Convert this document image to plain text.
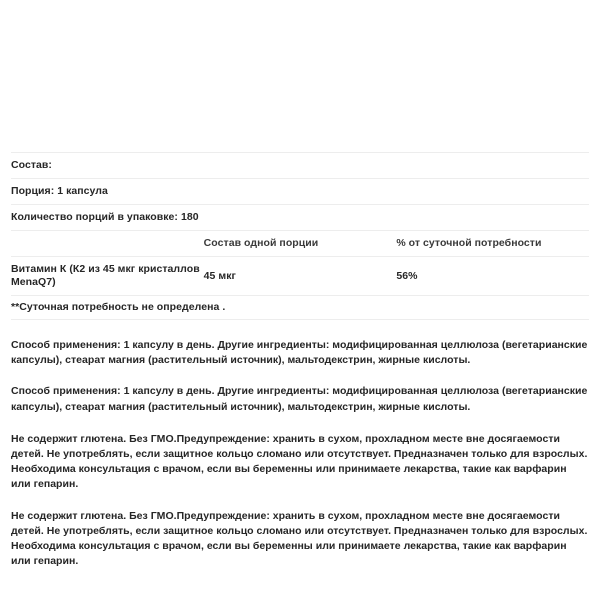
Состав:		
Порция: 1 капсула		
Количество порций в упаковке: 180		
	Состав одной порции	% от суточной потребности
Витамин К (К2 из 45 мкг кристаллов MenaQ7)	45 мкг	56%
**Суточная потребность не определена .		

Способ применения: 1 капсулу в день. Другие ингредиенты: модифицированная целлюлоза (вегетарианские капсулы), стеарат магния (растительный источник), мальтодекстрин, жирные кислоты.

Способ применения: 1 капсулу в день. Другие ингредиенты: модифицированная целлюлоза (вегетарианские капсулы), стеарат магния (растительный источник), мальтодекстрин, жирные кислоты.

Не содержит глютена. Без ГМО.Предупреждение: хранить в сухом, прохладном месте вне досягаемости детей. Не употреблять, если защитное кольцо сломано или отсутствует. Предназначен только для взрослых. Необходима консультация с врачом, если вы беременны или принимаете лекарства, такие как варфарин или гепарин.

Не содержит глютена. Без ГМО.Предупреждение: хранить в сухом, прохладном месте вне досягаемости детей. Не употреблять, если защитное кольцо сломано или отсутствует. Предназначен только для взрослых. Необходима консультация с врачом, если вы беременны или принимаете лекарства, такие как варфарин или гепарин.
